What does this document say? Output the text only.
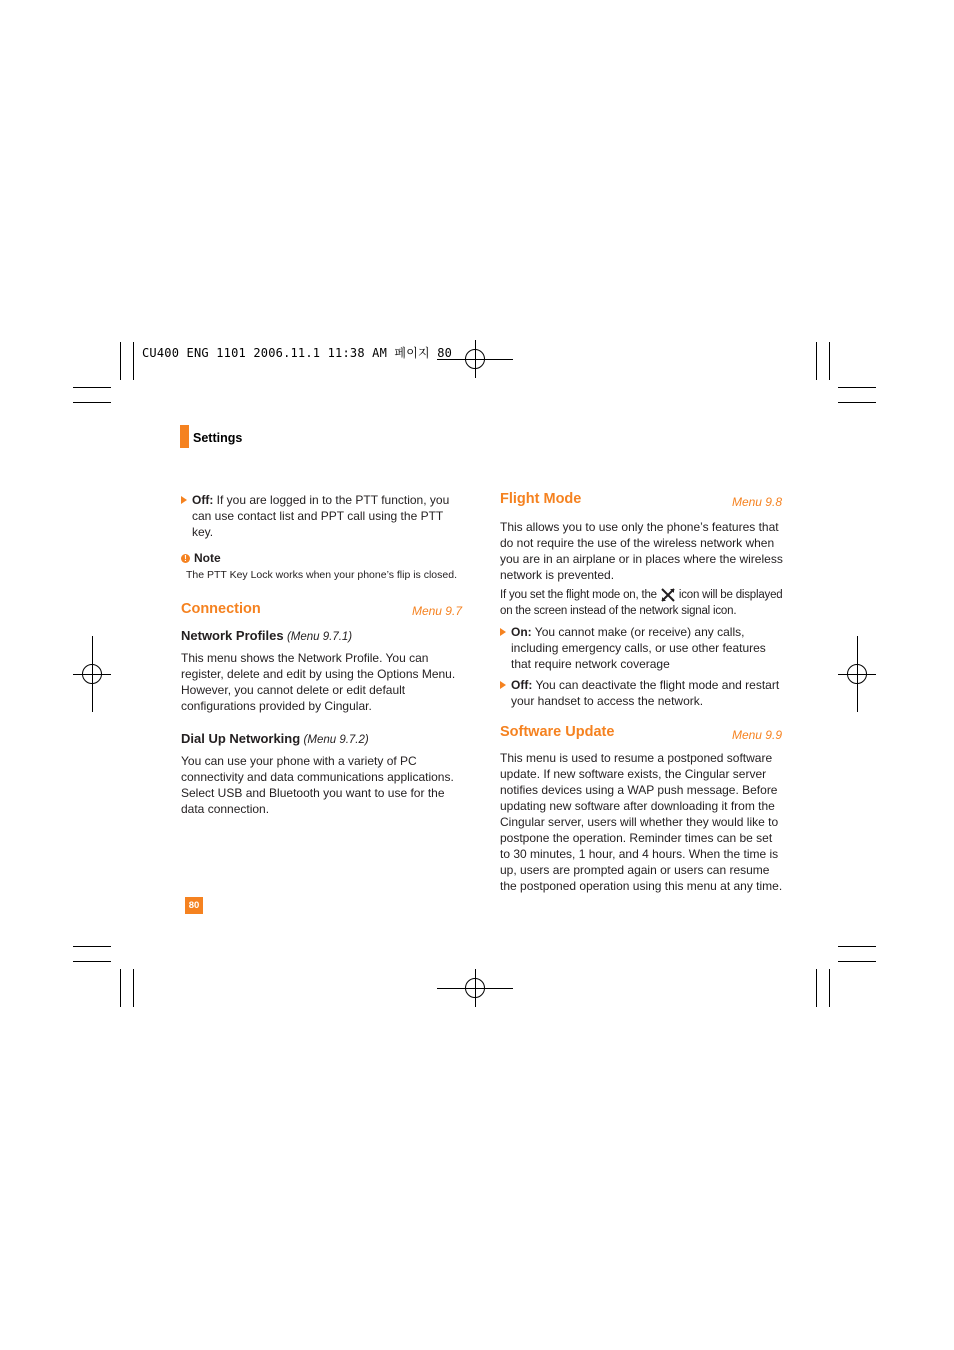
CU400 ENG 1101 2006.11.1 11:38 AM 페이지 80
Settings
Off: If you are logged in to the PTT function, you can use contact list and PPT call using the PTT key.
! Note
The PTT Key Lock works when your phone’s flip is closed.
Connection	Menu 9.7
Network Profiles (Menu 9.7.1)

This menu shows the Network Profile. You can register, delete and edit by using the Options Menu. However, you cannot delete or edit default configurations provided by Cingular.

Dial Up Networking (Menu 9.7.2)

You can use your phone with a variety of PC connectivity and data communications applications. Select USB and Bluetooth you want to use for the data connection.

Flight Mode	Menu 9.8

This allows you to use only the phone’s features that do not require the use of the wireless network when you are in an airplane or in places where the wireless network is prevented.

If you set the flight mode on, the  icon will be displayed on the screen instead of the network signal icon.

On: You cannot make (or receive) any calls, including emergency calls, or use other features that require network coverage
Off: You can deactivate the flight mode and restart your handset to access the network.
Software Update	Menu 9.9

This menu is used to resume a postponed software update. If new software exists, the Cingular server notifies devices using a WAP push message. Before updating new software after downloading it from the Cingular server, users will whether they would like to postpone the operation. Reminder times can be set to 30 minutes, 1 hour, and 4 hours. When the time is up, users are prompted again or users can resume the postponed operation using this menu at any time.

80
